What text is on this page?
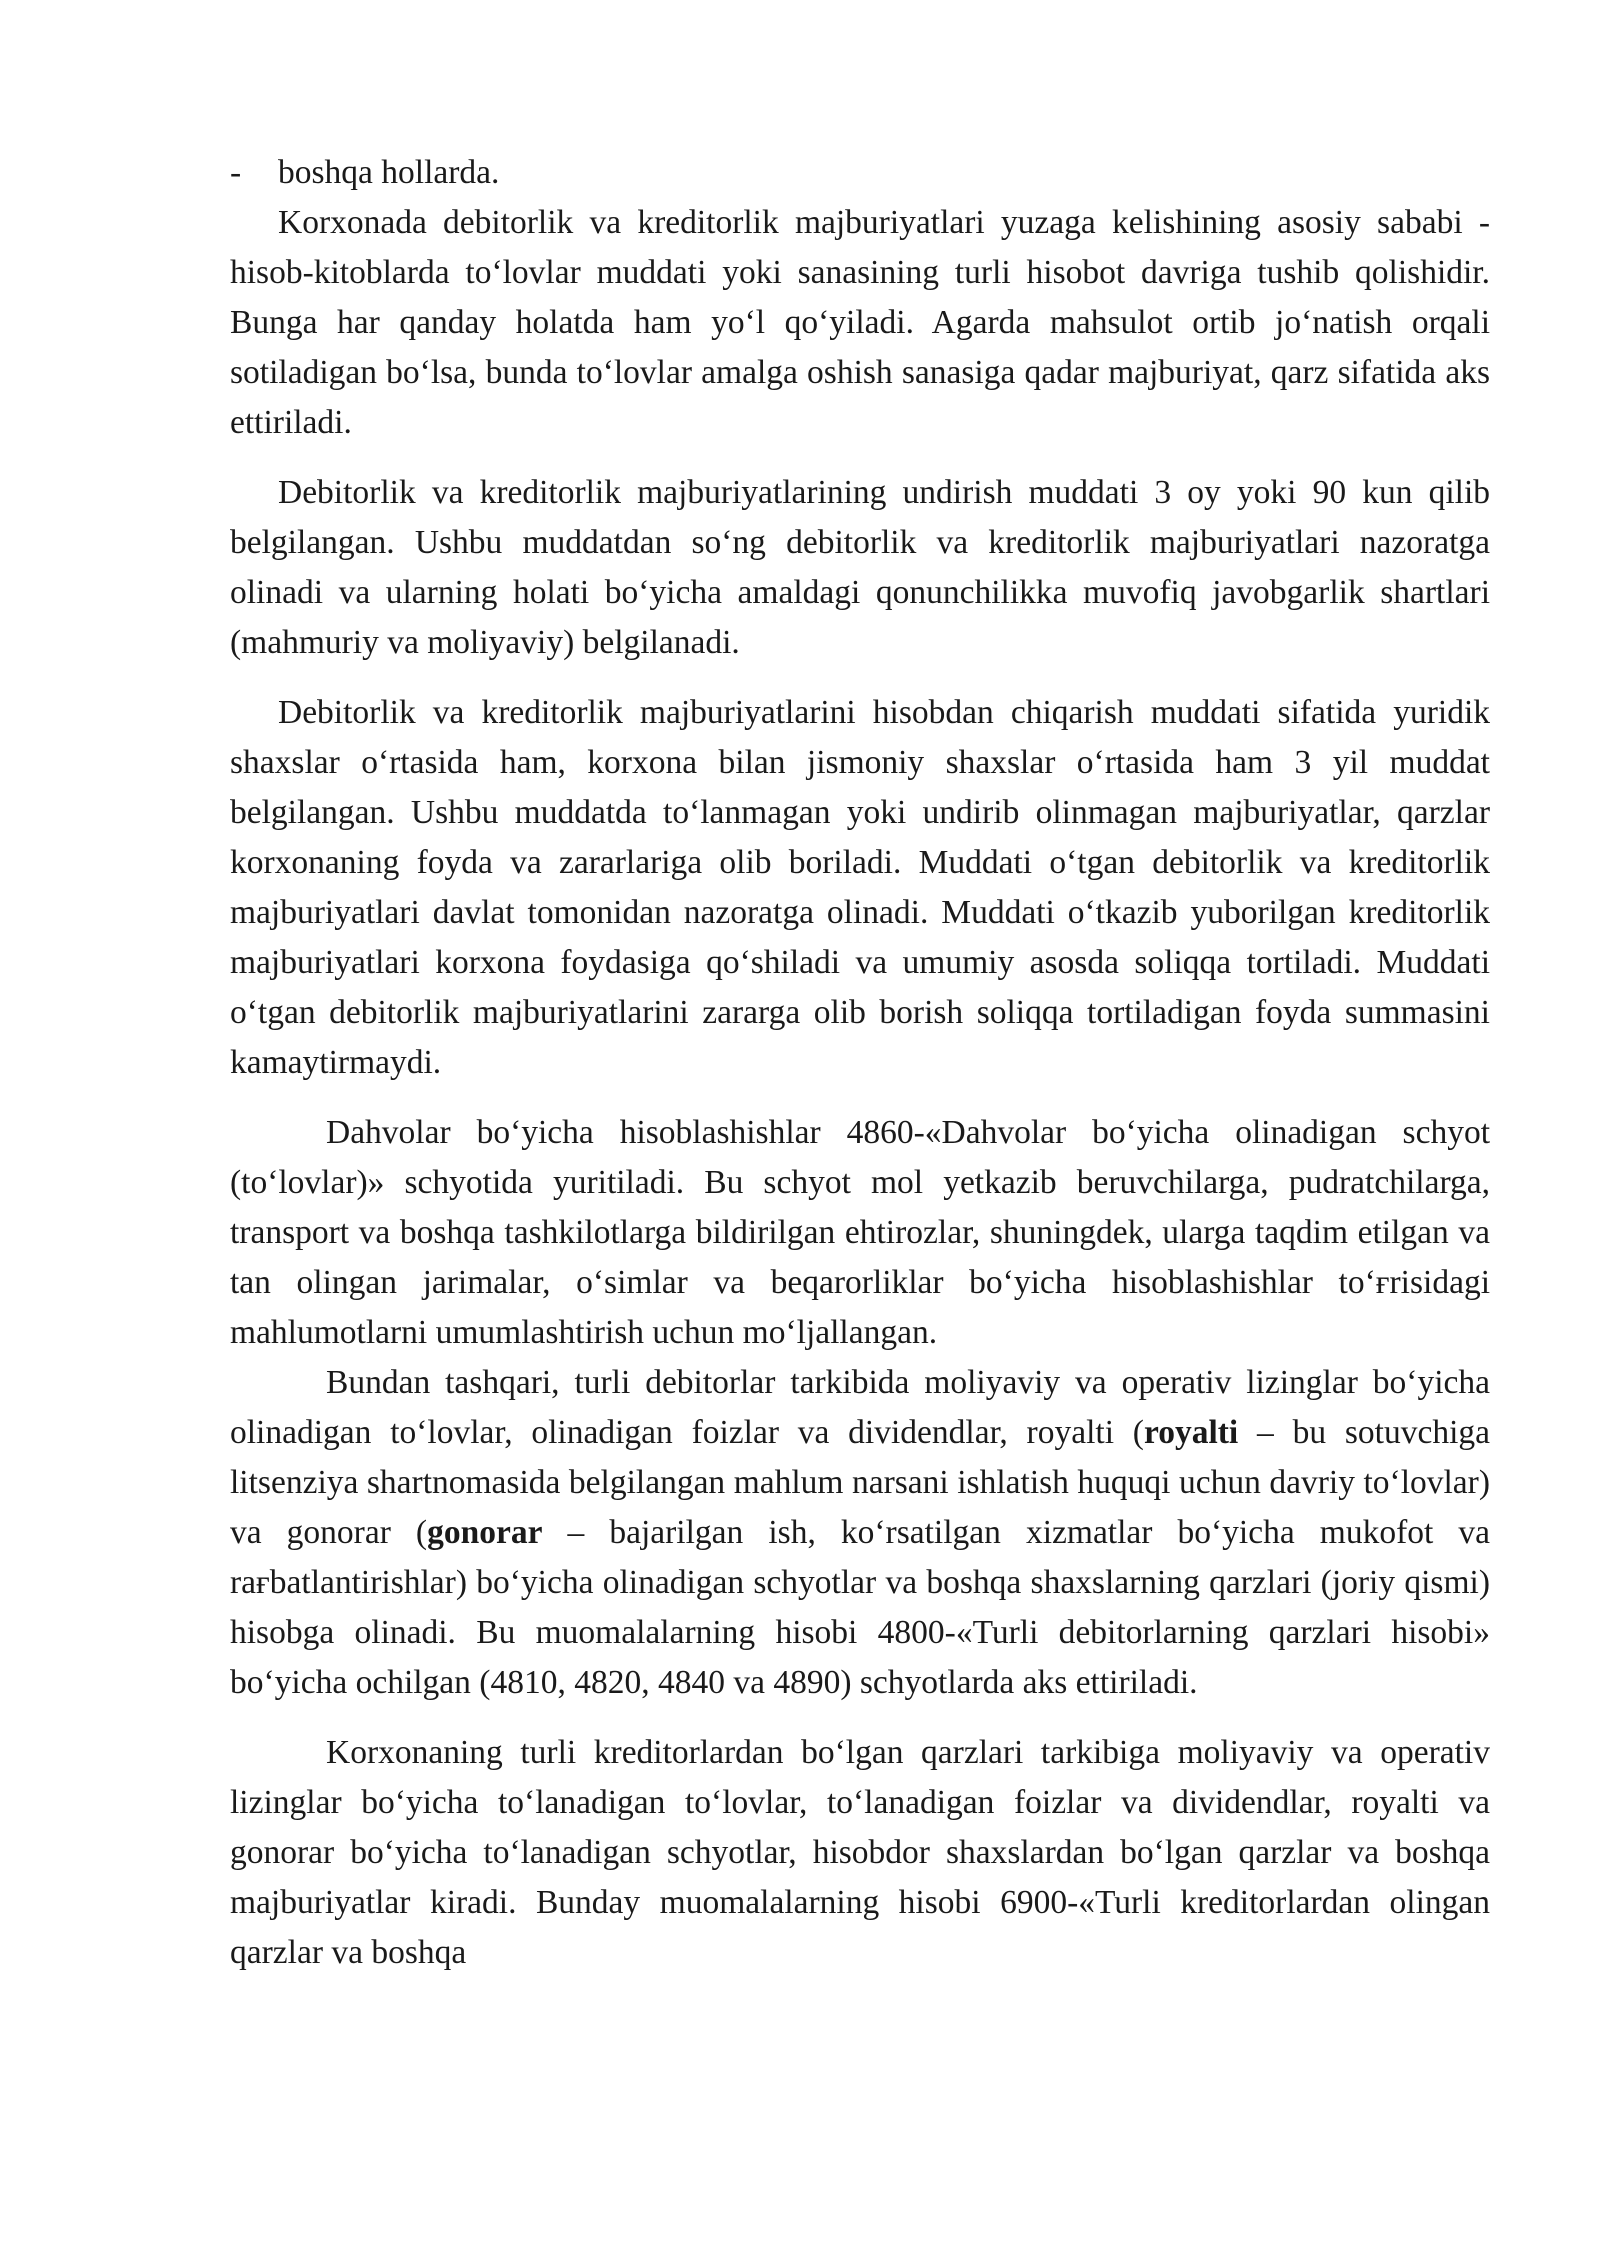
-	boshqa hollarda.

Korxonada debitorlik va kreditorlik majburiyatlari yuzaga kelishining asosiy sababi - hisob-kitoblarda to‘lovlar muddati yoki sanasining turli hisobot davriga tushib qolishidir. Bunga har qanday holatda ham yo‘l qo‘yiladi. Agarda mahsulot ortib jo‘natish orqali sotiladigan bo‘lsa, bunda to‘lovlar amalga oshish sanasiga qadar majburiyat, qarz sifatida aks ettiriladi.

Debitorlik va kreditorlik majburiyatlarining undirish muddati 3 oy yoki 90 kun qilib belgilangan. Ushbu muddatdan so‘ng debitorlik va kreditorlik majburiyatlari nazoratga olinadi va ularning holati bo‘yicha amaldagi qonunchilikka muvofiq javobgarlik shartlari (mahmuriy va moliyaviy) belgilanadi.

Debitorlik va kreditorlik majburiyatlarini hisobdan chiqarish muddati sifatida yuridik shaxslar o‘rtasida ham, korxona bilan jismoniy shaxslar o‘rtasida ham 3 yil muddat belgilangan. Ushbu muddatda to‘lanmagan yoki undirib olinmagan majburiyatlar, qarzlar korxonaning foyda va zararlariga olib boriladi. Muddati o‘tgan debitorlik va kreditorlik majburiyatlari davlat tomonidan nazoratga olinadi. Muddati o‘tkazib yuborilgan kreditorlik majburiyatlari korxona foydasiga qo‘shiladi va umumiy asosda soliqqa tortiladi. Muddati o‘tgan debitorlik majburiyatlarini zararga olib borish soliqqa tortiladigan foyda summasini kamaytirmaydi.

Dahvolar bo‘yicha hisoblashishlar 4860-«Dahvolar bo‘yicha olinadigan schyot (to‘lovlar)» schyotida yuritiladi. Bu schyot mol yetkazib beruvchilarga, pudratchilarga, transport va boshqa tashkilotlarga bildirilgan ehtirozlar, shuningdek, ularga taqdim etilgan va tan olingan jarimalar, o‘simlar va beqarorliklar bo‘yicha hisoblashishlar to‘ғrisidagi mahlumotlarni umumlashtirish uchun mo‘ljallangan.

Bundan tashqari, turli debitorlar tarkibida moliyaviy va operativ lizinglar bo‘yicha olinadigan to‘lovlar, olinadigan foizlar va dividendlar, royalti (royalti – bu sotuvchiga litsenziya shartnomasida belgilangan mahlum narsani ishlatish huquqi uchun davriy to‘lovlar) va gonorar (gonorar – bajarilgan ish, ko‘rsatilgan xizmatlar bo‘yicha mukofot va raғbatlantirishlar) bo‘yicha olinadigan schyotlar va boshqa shaxslarning qarzlari (joriy qismi) hisobga olinadi. Bu muomalalarning hisobi 4800-«Turli debitorlarning qarzlari hisobi» bo‘yicha ochilgan (4810, 4820, 4840 va 4890) schyotlarda aks ettiriladi.

Korxonaning turli kreditorlardan bo‘lgan qarzlari tarkibiga moliyaviy va operativ lizinglar bo‘yicha to‘lanadigan to‘lovlar, to‘lanadigan foizlar va dividendlar, royalti va gonorar bo‘yicha to‘lanadigan schyotlar, hisobdor shaxslardan bo‘lgan qarzlar va boshqa majburiyatlar kiradi. Bunday muomalalarning hisobi 6900-«Turli kreditorlardan olingan qarzlar va boshqa
